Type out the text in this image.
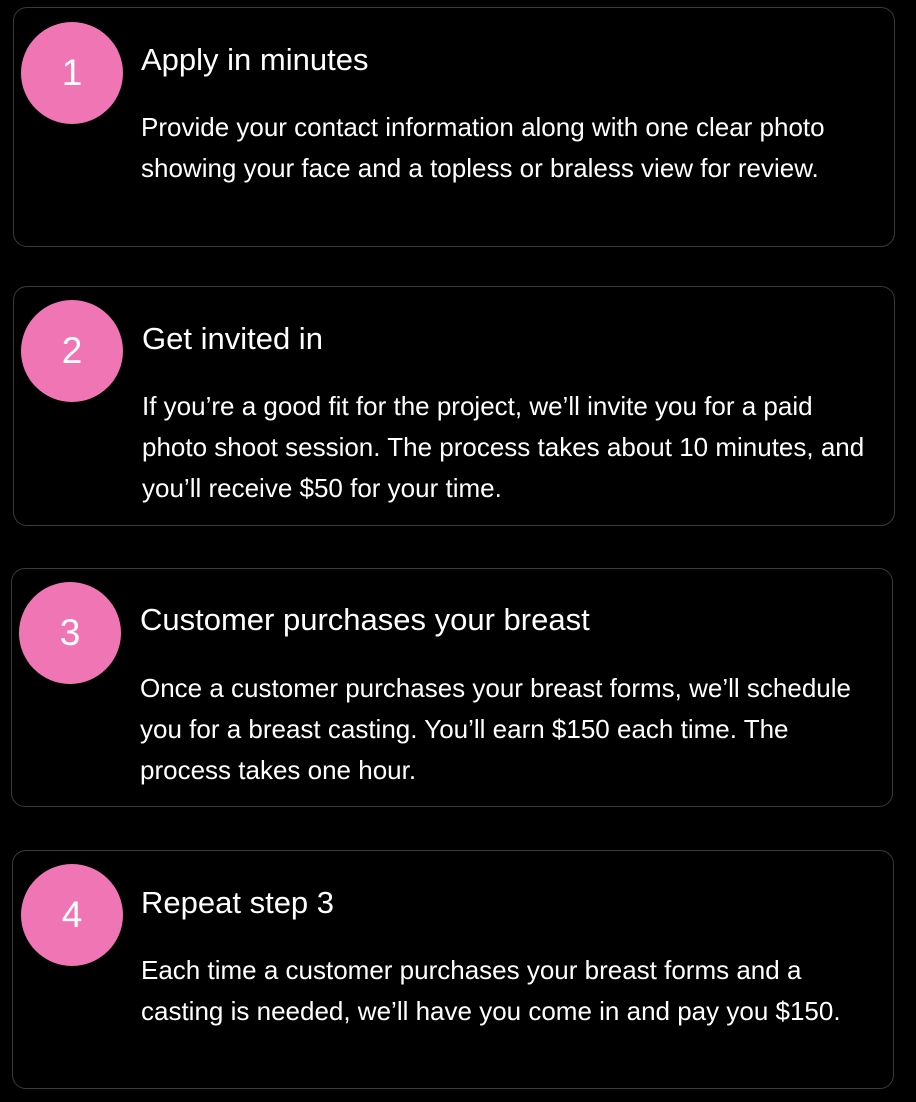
1	Apply in minutes

Provide your contact information along with one clear photo showing your face and a topless or braless view for review.

2	Get invited in

If you’re a good fit for the project, we’ll invite you for a paid photo shoot session. The process takes about 10 minutes, and you’ll receive $50 for your time.

3	Customer purchases your breast

Once a customer purchases your breast forms, we’ll schedule you for a breast casting. You’ll earn $150 each time. The process takes one hour.

4	Repeat step 3

Each time a customer purchases your breast forms and a casting is needed, we’ll have you come in and pay you $150.
